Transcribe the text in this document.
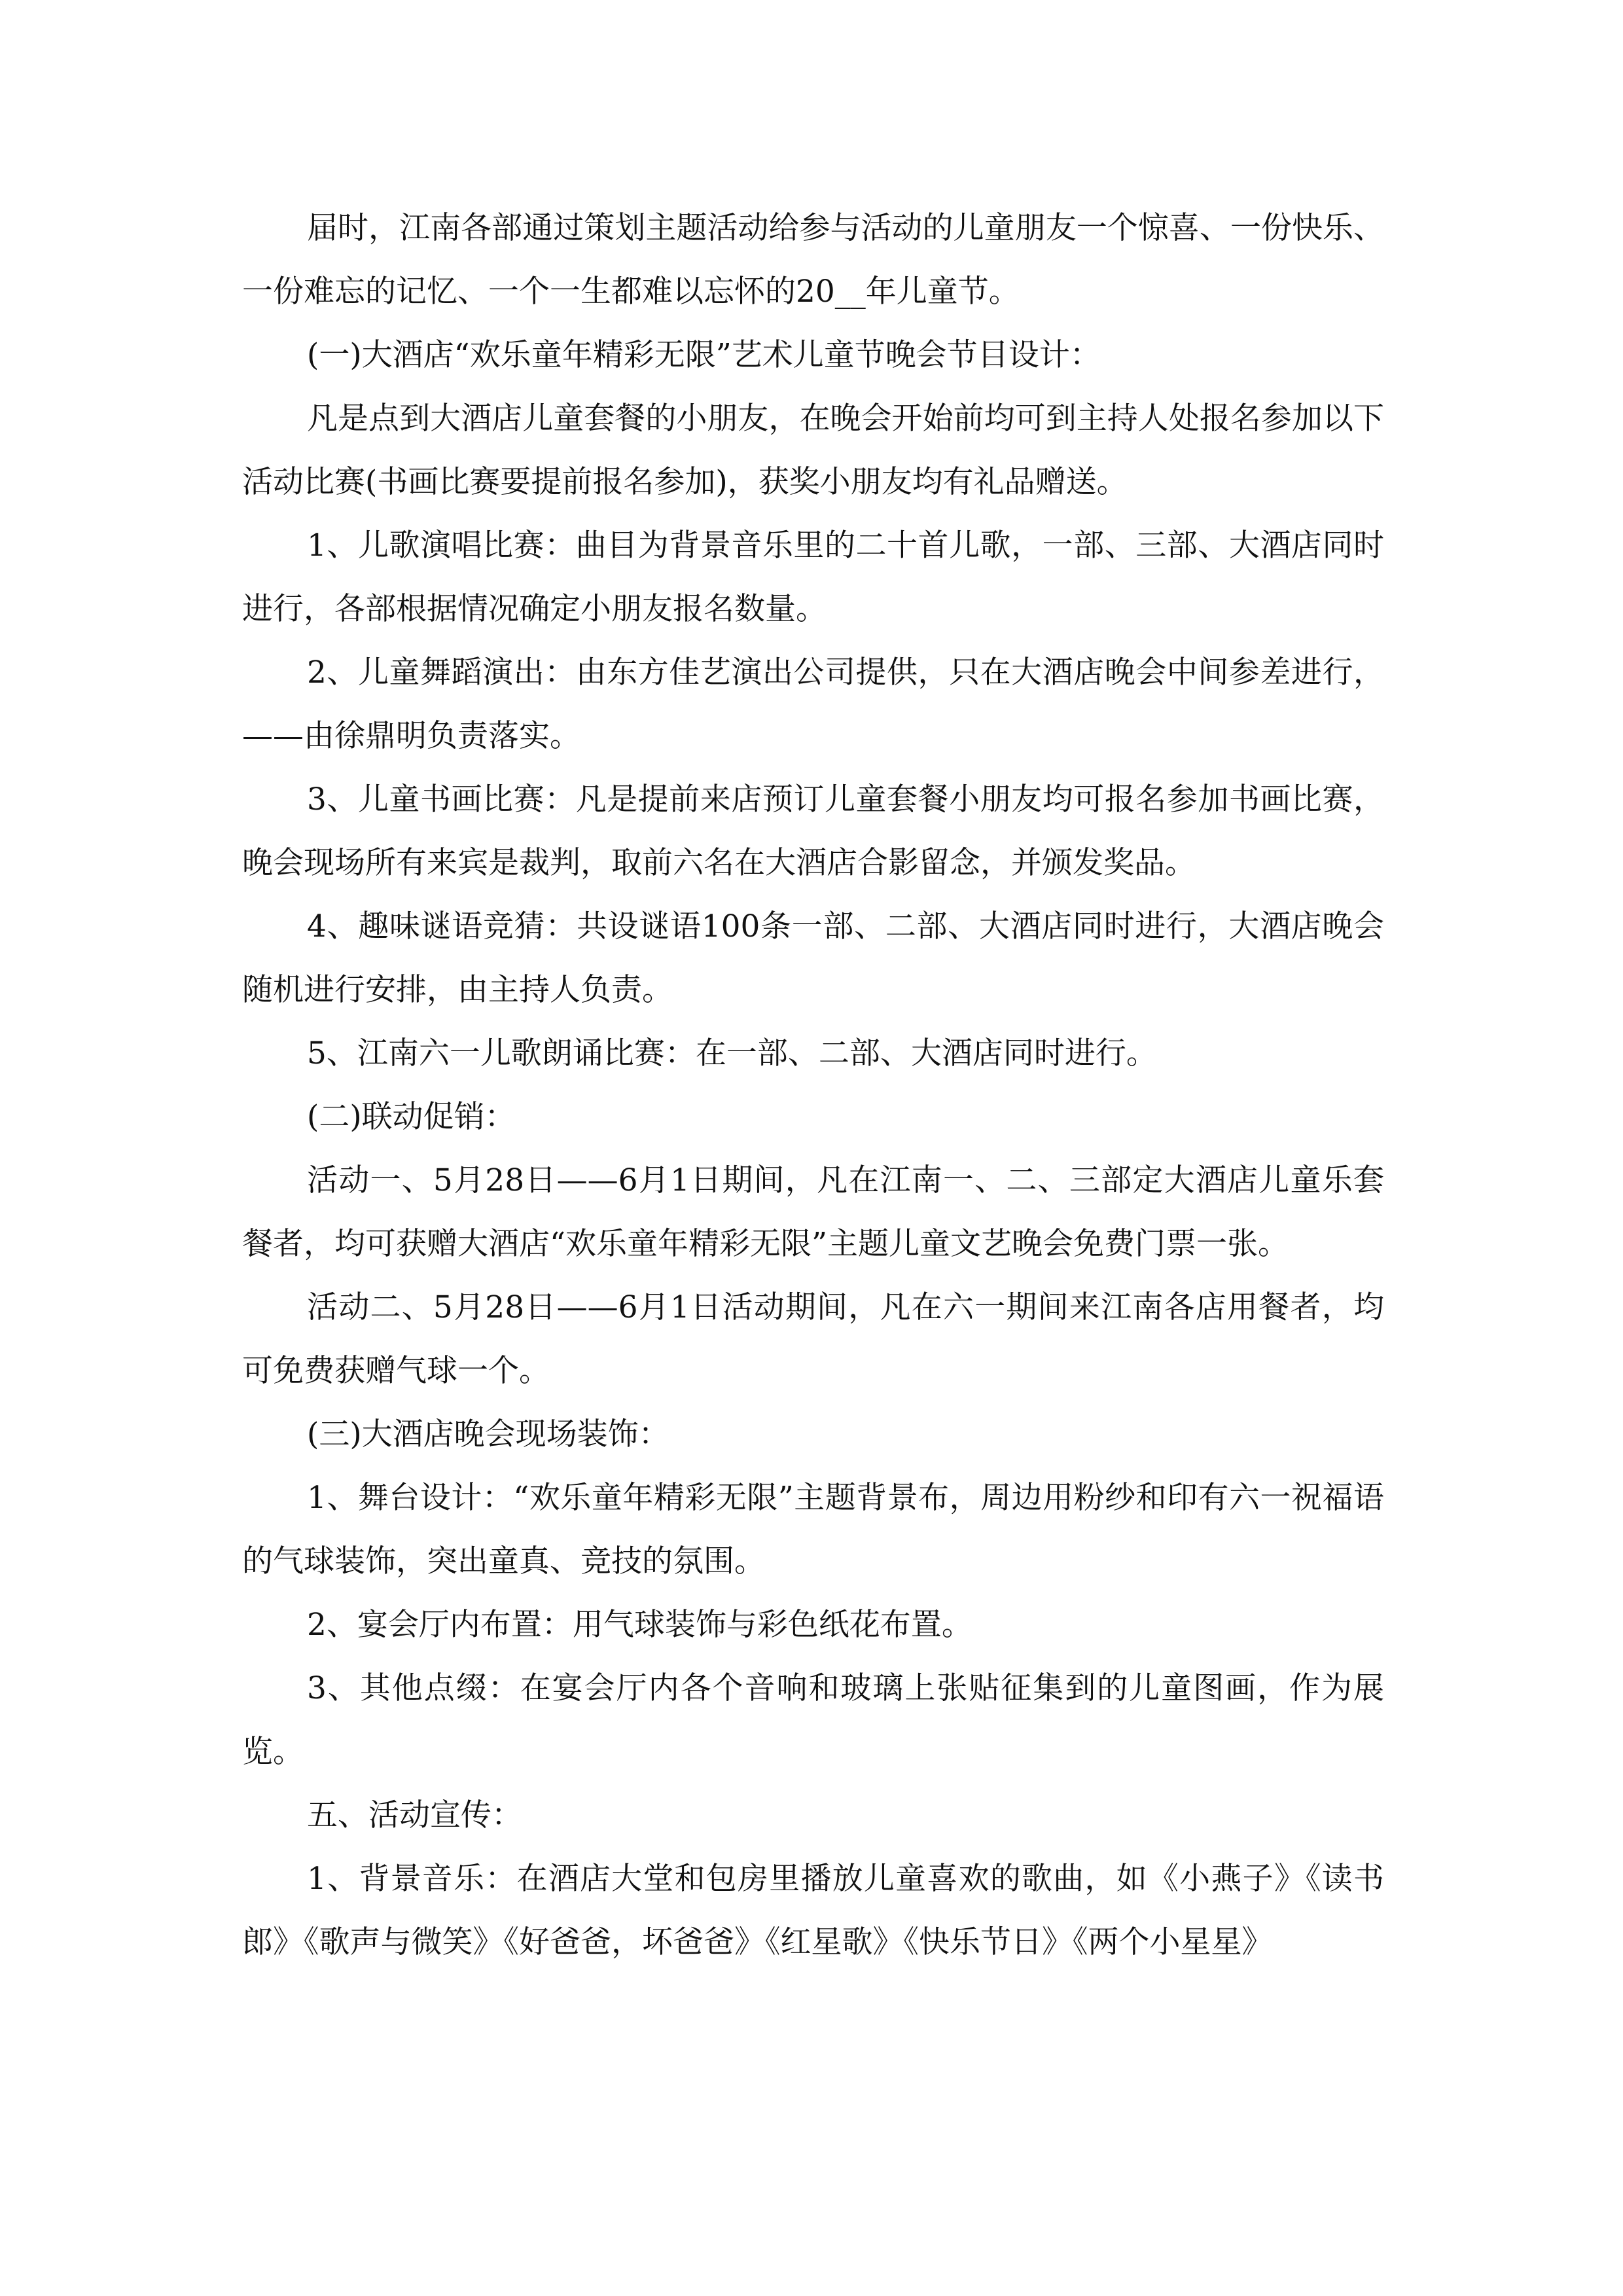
届时，江南各部通过策划主题活动给参与活动的儿童朋友一个惊喜、一份快乐、一份难忘的记忆、一个一生都难以忘怀的20__年儿童节。

(一)大酒店“欢乐童年精彩无限”艺术儿童节晚会节目设计：

凡是点到大酒店儿童套餐的小朋友，在晚会开始前均可到主持人处报名参加以下活动比赛(书画比赛要提前报名参加)，获奖小朋友均有礼品赠送。

1、儿歌演唱比赛：曲目为背景音乐里的二十首儿歌，一部、三部、大酒店同时进行，各部根据情况确定小朋友报名数量。

2、儿童舞蹈演出：由东方佳艺演出公司提供，只在大酒店晚会中间参差进行，——由徐鼎明负责落实。

3、儿童书画比赛：凡是提前来店预订儿童套餐小朋友均可报名参加书画比赛，晚会现场所有来宾是裁判，取前六名在大酒店合影留念，并颁发奖品。

4、趣味谜语竞猜：共设谜语100条一部、二部、大酒店同时进行，大酒店晚会随机进行安排，由主持人负责。

5、江南六一儿歌朗诵比赛：在一部、二部、大酒店同时进行。

(二)联动促销：

活动一、5月28日——6月1日期间，凡在江南一、二、三部定大酒店儿童乐套餐者，均可获赠大酒店“欢乐童年精彩无限”主题儿童文艺晚会免费门票一张。

活动二、5月28日——6月1日活动期间，凡在六一期间来江南各店用餐者，均可免费获赠气球一个。

(三)大酒店晚会现场装饰：

1、舞台设计：“欢乐童年精彩无限”主题背景布，周边用粉纱和印有六一祝福语的气球装饰，突出童真、竞技的氛围。

2、宴会厅内布置：用气球装饰与彩色纸花布置。

3、其他点缀：在宴会厅内各个音响和玻璃上张贴征集到的儿童图画，作为展览。

五、活动宣传：

1、背景音乐：在酒店大堂和包房里播放儿童喜欢的歌曲，如《小燕子》《读书郎》《歌声与微笑》《好爸爸，坏爸爸》《红星歌》《快乐节日》《两个小星星》
